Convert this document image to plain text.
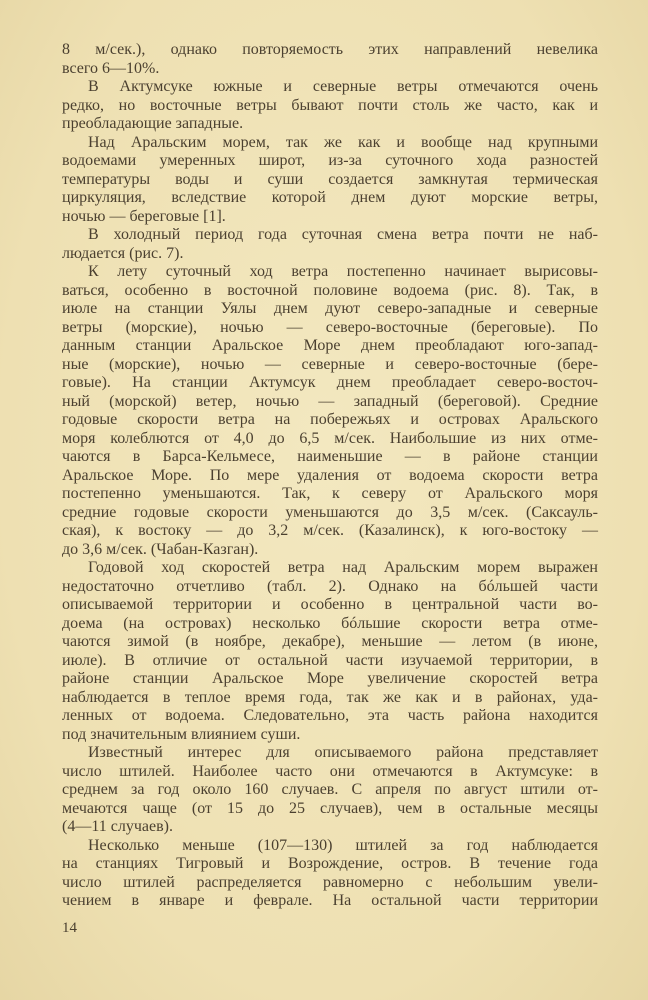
8 м/сек.), однако повторяемость этих направлений невелика
всего 6—10%.
В Актумсуке южные и северные ветры отмечаются очень
редко, но восточные ветры бывают почти столь же часто, как и
преобладающие западные.
Над Аральским морем, так же как и вообще над крупными
водоемами умеренных широт, из-за суточного хода разностей
температуры воды и суши создается замкнутая термическая
циркуляция, вследствие которой днем дуют морские ветры,
ночью — береговые [1].
В холодный период года суточная смена ветра почти не наб-
людается (рис. 7).
К лету суточный ход ветра постепенно начинает вырисовы-
ваться, особенно в восточной половине водоема (рис. 8). Так, в
июле на станции Уялы днем дуют северо-западные и северные
ветры (морские), ночью — северо-восточные (береговые). По
данным станции Аральское Море днем преобладают юго-запад-
ные (морские), ночью — северные и северо-восточные (бере-
говые). На станции Актумсук днем преобладает северо-восточ-
ный (морской) ветер, ночью — западный (береговой). Средние
годовые скорости ветра на побережьях и островах Аральского
моря колеблются от 4,0 до 6,5 м/сек. Наибольшие из них отме-
чаются в Барса-Кельмесе, наименьшие — в районе станции
Аральское Море. По мере удаления от водоема скорости ветра
постепенно уменьшаются. Так, к северу от Аральского моря
средние годовые скорости уменьшаются до 3,5 м/сек. (Саксауль-
ская), к востоку — до 3,2 м/сек. (Казалинск), к юго-востоку —
до 3,6 м/сек. (Чабан-Казган).
Годовой ход скоростей ветра над Аральским морем выражен
недостаточно отчетливо (табл. 2). Однако на бóльшей части
описываемой территории и особенно в центральной части во-
доема (на островах) несколько бóльшие скорости ветра отме-
чаются зимой (в ноябре, декабре), меньшие — летом (в июне,
июле). В отличие от остальной части изучаемой территории, в
районе станции Аральское Море увеличение скоростей ветра
наблюдается в теплое время года, так же как и в районах, уда-
ленных от водоема. Следовательно, эта часть района находится
под значительным влиянием суши.
Известный интерес для описываемого района представляет
число штилей. Наиболее часто они отмечаются в Актумсуке: в
среднем за год около 160 случаев. С апреля по август штили от-
мечаются чаще (от 15 до 25 случаев), чем в остальные месяцы
(4—11 случаев).
Несколько меньше (107—130) штилей за год наблюдается
на станциях Тигровый и Возрождение, остров. В течение года
число штилей распределяется равномерно с небольшим увели-
чением в январе и феврале. На остальной части территории
14
